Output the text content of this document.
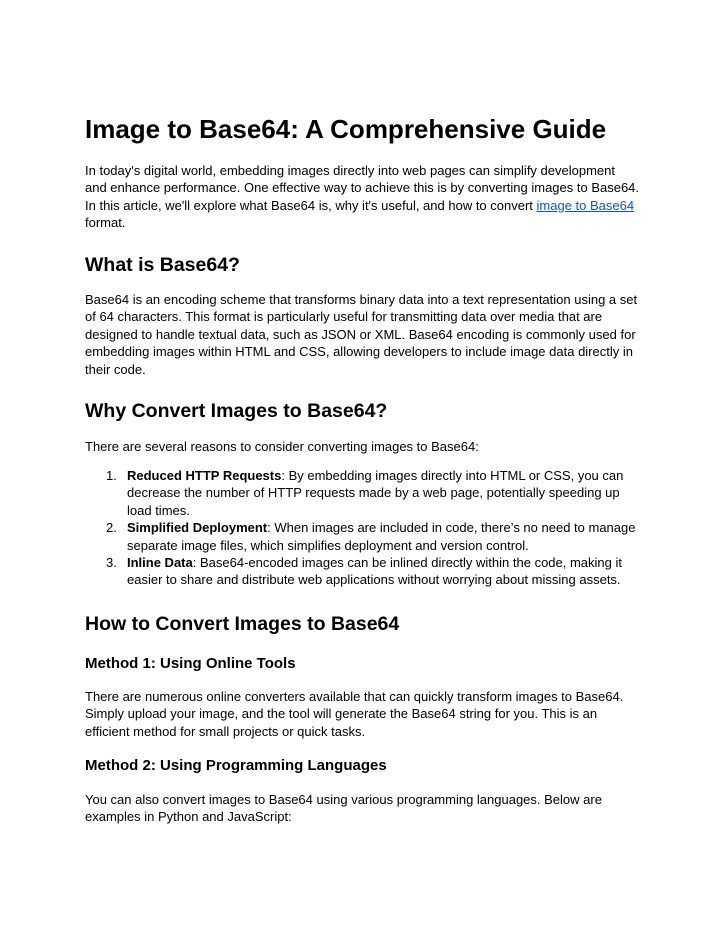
Image to Base64: A Comprehensive Guide

In today's digital world, embedding images directly into web pages can simplify development and enhance performance. One effective way to achieve this is by converting images to Base64. In this article, we'll explore what Base64 is, why it's useful, and how to convert image to Base64 format.

What is Base64?

Base64 is an encoding scheme that transforms binary data into a text representation using a set of 64 characters. This format is particularly useful for transmitting data over media that are designed to handle textual data, such as JSON or XML. Base64 encoding is commonly used for embedding images within HTML and CSS, allowing developers to include image data directly in their code.

Why Convert Images to Base64?

There are several reasons to consider converting images to Base64:

1. Reduced HTTP Requests: By embedding images directly into HTML or CSS, you can decrease the number of HTTP requests made by a web page, potentially speeding up load times.
2. Simplified Deployment: When images are included in code, there’s no need to manage separate image files, which simplifies deployment and version control.
3. Inline Data: Base64-encoded images can be inlined directly within the code, making it easier to share and distribute web applications without worrying about missing assets.
How to Convert Images to Base64
Method 1: Using Online Tools

There are numerous online converters available that can quickly transform images to Base64. Simply upload your image, and the tool will generate the Base64 string for you. This is an efficient method for small projects or quick tasks.

Method 2: Using Programming Languages

You can also convert images to Base64 using various programming languages. Below are examples in Python and JavaScript:
